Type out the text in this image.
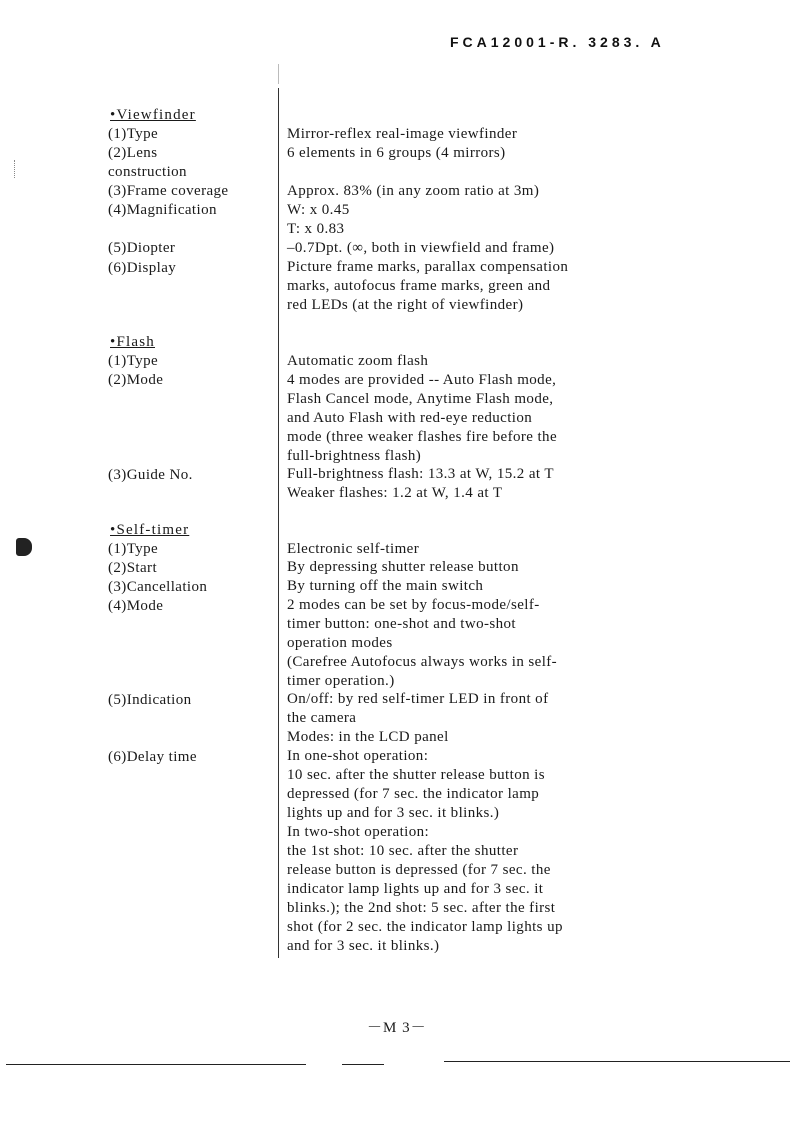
FCA12001-R. 3283. A
•Viewfinder
(1)Type	Mirror-reflex real-image viewfinder
(2)Lens	6 elements in 6 groups (4 mirrors)
construction
(3)Frame coverage	Approx. 83% (in any zoom ratio at 3m)
(4)Magnification	W: x 0.45
T: x 0.83
(5)Diopter	–0.7Dpt. (∞, both in viewfield and frame)
(6)Display	Picture frame marks, parallax compensation
marks, autofocus frame marks, green and
red LEDs (at the right of viewfinder)
•Flash
(1)Type	Automatic zoom flash
(2)Mode	4 modes are provided -- Auto Flash mode,
Flash Cancel mode, Anytime Flash mode,
and Auto Flash with red-eye reduction
mode (three weaker flashes fire before the
full-brightness flash)
(3)Guide No.	Full-brightness flash: 13.3 at W, 15.2 at T
Weaker flashes: 1.2 at W, 1.4 at T
•Self-timer
(1)Type	Electronic self-timer
(2)Start	By depressing shutter release button
(3)Cancellation	By turning off the main switch
(4)Mode	2 modes can be set by focus-mode/self-
timer button: one-shot and two-shot
operation modes
(Carefree Autofocus always works in self-
timer operation.)
(5)Indication	On/off: by red self-timer LED in front of
the camera
Modes: in the LCD panel
(6)Delay time	In one-shot operation:
10 sec. after the shutter release button is
depressed (for 7 sec. the indicator lamp
lights up and for 3 sec. it blinks.)
In two-shot operation:
the 1st shot: 10 sec. after the shutter
release button is depressed (for 7 sec. the
indicator lamp lights up and for 3 sec. it
blinks.); the 2nd shot: 5 sec. after the first
shot (for 2 sec. the indicator lamp lights up
and for 3 sec. it blinks.)
－M 3－
